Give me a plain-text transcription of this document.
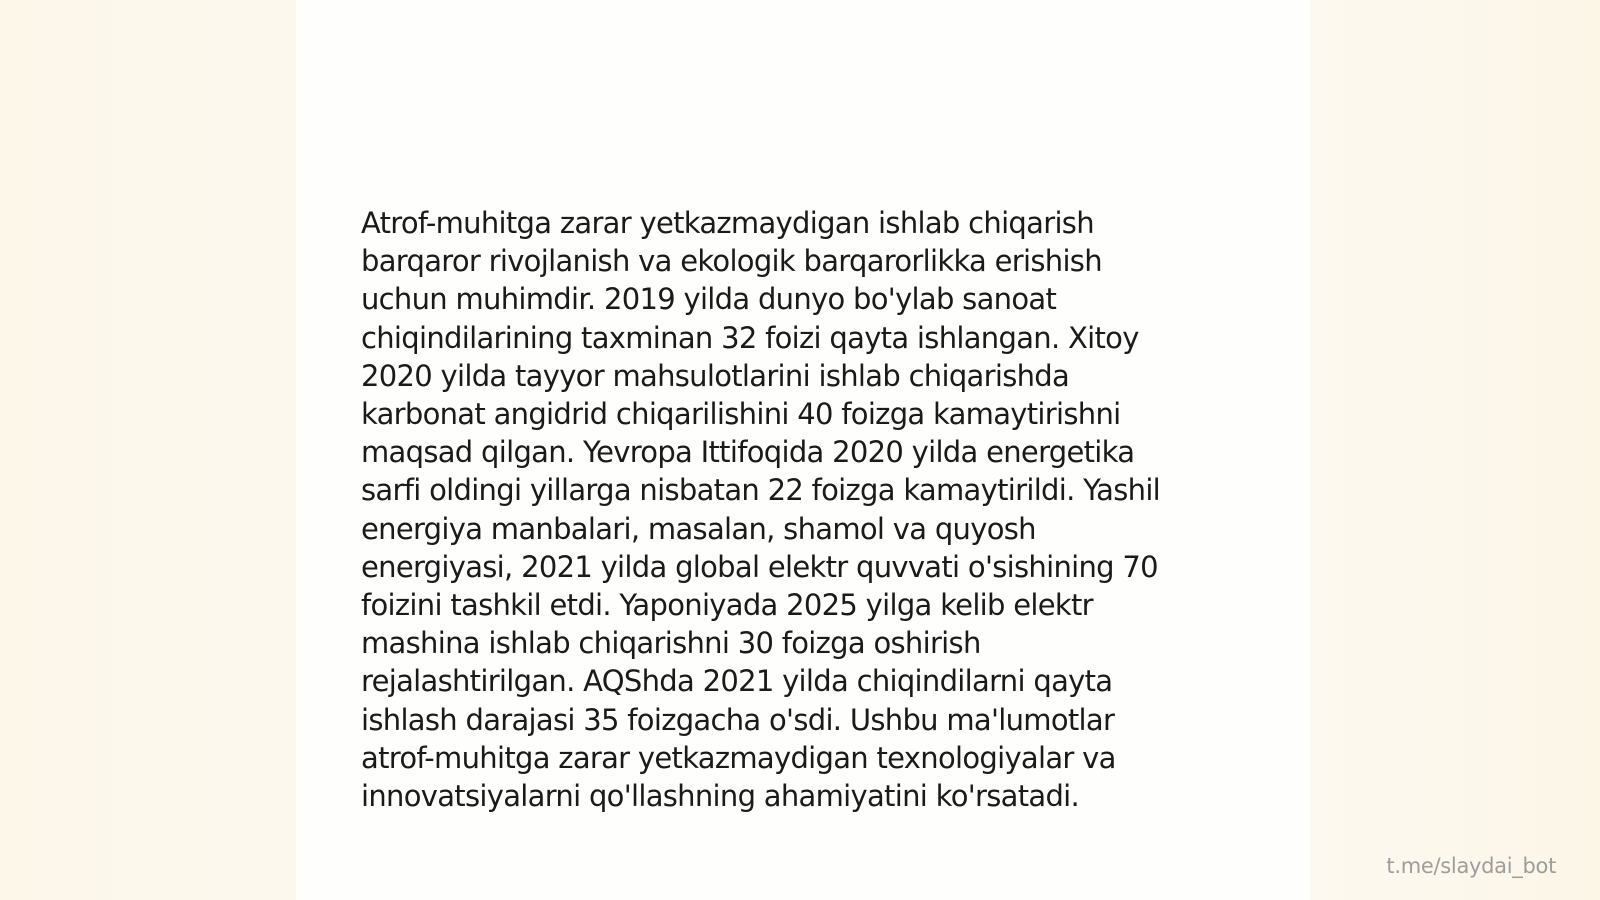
Atrof-muhitga zarar yetkazmaydigan ishlab chiqarish
barqaror rivojlanish va ekologik barqarorlikka erishish
uchun muhimdir. 2019 yilda dunyo bo'ylab sanoat
chiqindilarining taxminan 32 foizi qayta ishlangan. Xitoy
2020 yilda tayyor mahsulotlarini ishlab chiqarishda
karbonat angidrid chiqarilishini 40 foizga kamaytirishni
maqsad qilgan. Yevropa Ittifoqida 2020 yilda energetika
sarfi oldingi yillarga nisbatan 22 foizga kamaytirildi. Yashil
energiya manbalari, masalan, shamol va quyosh
energiyasi, 2021 yilda global elektr quvvati o'sishining 70
foizini tashkil etdi. Yaponiyada 2025 yilga kelib elektr
mashina ishlab chiqarishni 30 foizga oshirish
rejalashtirilgan. AQShda 2021 yilda chiqindilarni qayta
ishlash darajasi 35 foizgacha o'sdi. Ushbu ma'lumotlar
atrof-muhitga zarar yetkazmaydigan texnologiyalar va
innovatsiyalarni qo'llashning ahamiyatini ko'rsatadi.

t.me/slaydai_bot
